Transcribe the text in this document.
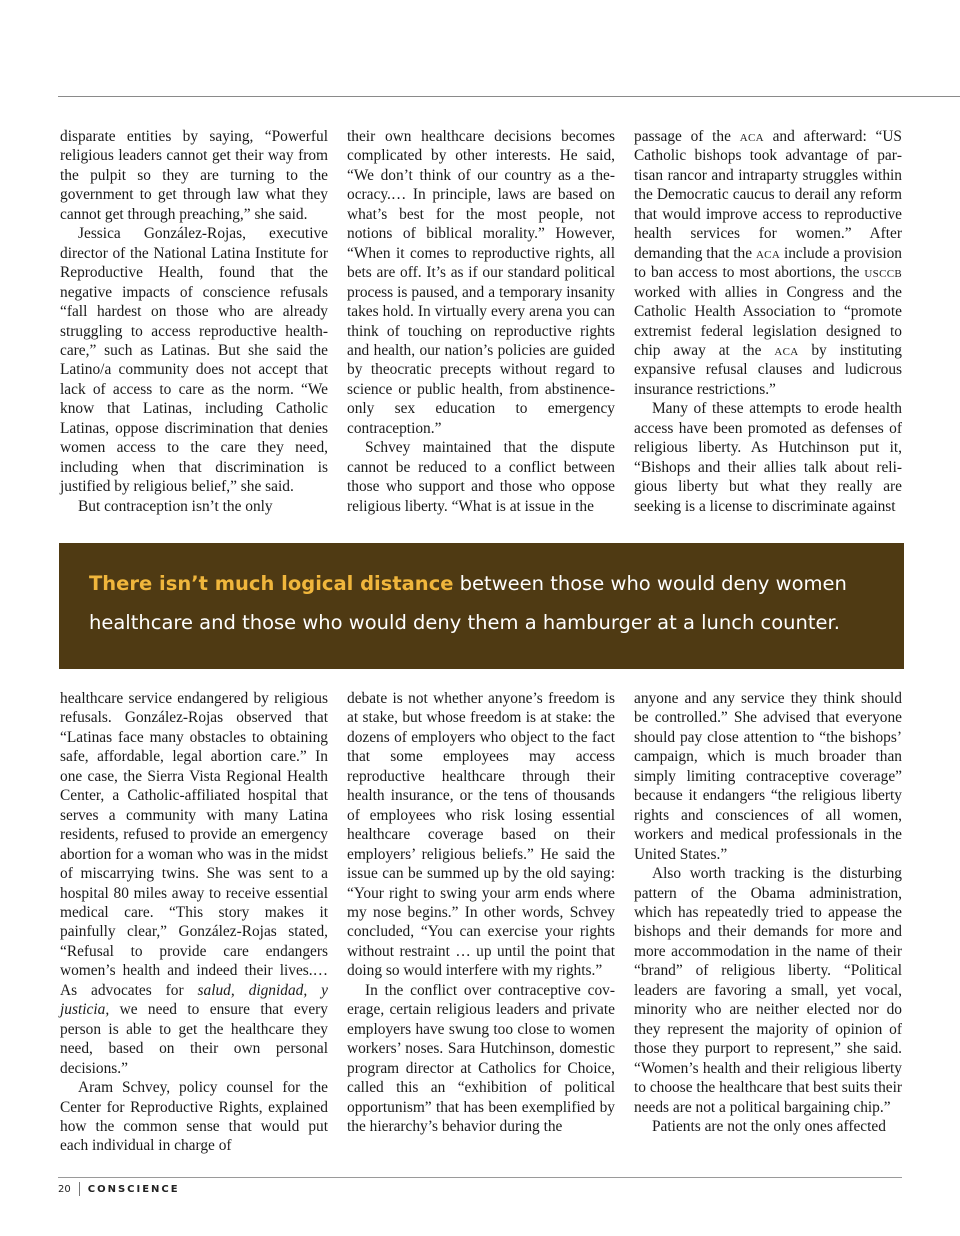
disparate entities by saying, “Powerful religious leaders cannot get their way from the pulpit so they are turning to the government to get through law what they cannot get through preaching,” she said.

Jessica González-Rojas, executive director of the National Latina Institute for Reproductive Health, found that the negative impacts of conscience refusals “fall hardest on those who are already struggling to access reproductive healthcare,” such as Latinas. But she said the Latino/a community does not accept that lack of access to care as the norm. “We know that Latinas, including Catholic Latinas, oppose discrimination that denies women access to the care they need, including when that discrimination is justified by religious belief,” she said.

But contraception isn’t the only

their own healthcare decisions becomes complicated by other interests. He said, “We don’t think of our country as a theocracy.… In principle, laws are based on what’s best for the most people, not notions of biblical morality.” However, “When it comes to reproductive rights, all bets are off. It’s as if our standard political process is paused, and a temporary insanity takes hold. In virtually every arena you can think of touching on reproductive rights and health, our nation’s policies are guided by theocratic precepts without regard to science or public health, from abstinence-only sex education to emergency contraception.”

Schvey maintained that the dispute cannot be reduced to a conflict between those who support and those who oppose religious liberty. “What is at issue in the

passage of the aca and afterward: “US Catholic bishops took advantage of partisan rancor and intraparty struggles within the Democratic caucus to derail any reform that would improve access to reproductive health services for women.” After demanding that the aca include a provision to ban access to most abortions, the usccb worked with allies in Congress and the Catholic Health Association to “promote extremist federal legislation designed to chip away at the aca by instituting expansive refusal clauses and ludicrous insurance restrictions.”

Many of these attempts to erode health access have been promoted as defenses of religious liberty. As Hutchinson put it, “Bishops and their allies talk about religious liberty but what they really are seeking is a license to discriminate against

There isn’t much logical distance between those who would deny women healthcare and those who would deny them a hamburger at a lunch counter.

healthcare service endangered by religious refusals. González-Rojas observed that “Latinas face many obstacles to obtaining safe, affordable, legal abortion care.” In one case, the Sierra Vista Regional Health Center, a Catholic-affiliated hospital that serves a community with many Latina residents, refused to provide an emergency abortion for a woman who was in the midst of miscarrying twins. She was sent to a hospital 80 miles away to receive essential medical care. “This story makes it painfully clear,” González-Rojas stated, “Refusal to provide care endangers women’s health and indeed their lives.… As advocates for salud, dignidad, y justicia, we need to ensure that every person is able to get the healthcare they need, based on their own personal decisions.”

Aram Schvey, policy counsel for the Center for Reproductive Rights, explained how the common sense that would put each individual in charge of

debate is not whether anyone’s freedom is at stake, but whose freedom is at stake: the dozens of employers who object to the fact that some employees may access reproductive healthcare through their health insurance, or the tens of thousands of employees who risk losing essential healthcare coverage based on their employers’ religious beliefs.” He said the issue can be summed up by the old saying: “Your right to swing your arm ends where my nose begins.” In other words, Schvey concluded, “You can exercise your rights without restraint … up until the point that doing so would interfere with my rights.”

In the conflict over contraceptive coverage, certain religious leaders and private employers have swung too close to women workers’ noses. Sara Hutchinson, domestic program director at Catholics for Choice, called this an “exhibition of political opportunism” that has been exemplified by the hierarchy’s behavior during the

anyone and any service they think should be controlled.” She advised that everyone should pay close attention to “the bishops’ campaign, which is much broader than simply limiting contraceptive coverage” because it endangers “the religious liberty rights and consciences of all women, workers and medical professionals in the United States.”

Also worth tracking is the disturbing pattern of the Obama administration, which has repeatedly tried to appease the bishops and their demands for more and more accommodation in the name of their “brand” of religious liberty. “Political leaders are favoring a small, yet vocal, minority who are neither elected nor do they represent the majority of opinion of those they purport to represent,” she said. “Women’s health and their religious liberty to choose the healthcare that best suits their needs are not a political bargaining chip.”

Patients are not the only ones affected

20 CONSCIENCE
